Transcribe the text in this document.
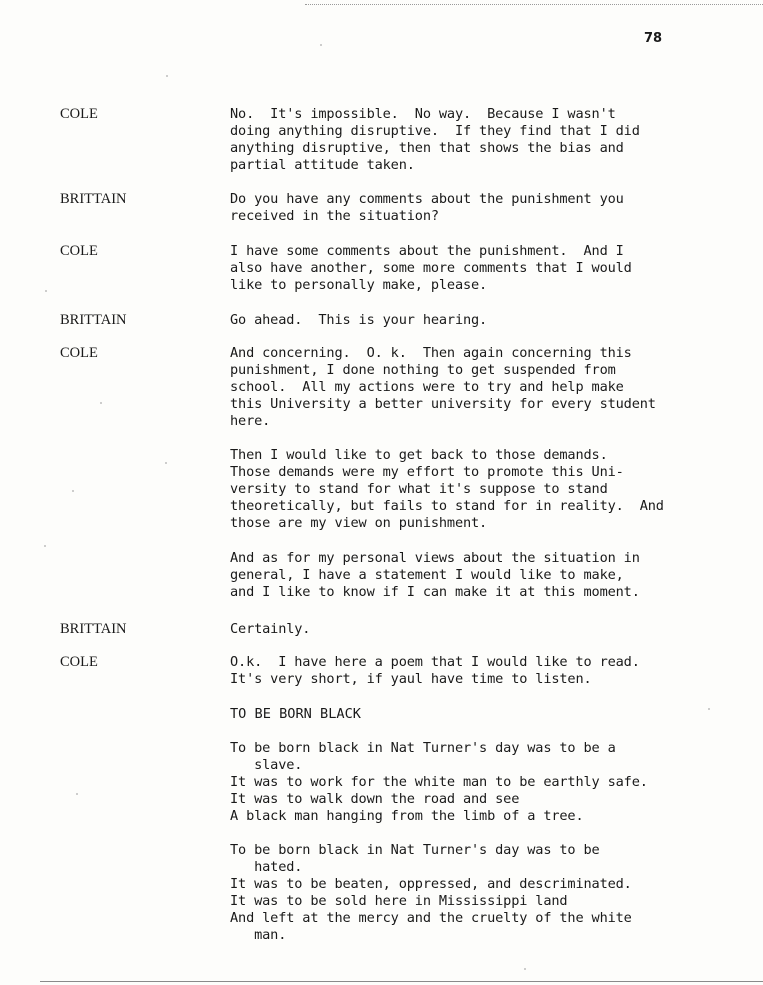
78
COLE	No.  It's impossible.  No way.  Because I wasn't
doing anything disruptive.  If they find that I did
anything disruptive, then that shows the bias and
partial attitude taken.
BRITTAIN	Do you have any comments about the punishment you
received in the situation?
COLE	I have some comments about the punishment.  And I
also have another, some more comments that I would
like to personally make, please.
BRITTAIN	Go ahead.  This is your hearing.
COLE	And concerning.  O. k.  Then again concerning this
punishment, I done nothing to get suspended from
school.  All my actions were to try and help make
this University a better university for every student
here.
Then I would like to get back to those demands.
Those demands were my effort to promote this Uni-
versity to stand for what it's suppose to stand
theoretically, but fails to stand for in reality.  And
those are my view on punishment.
And as for my personal views about the situation in
general, I have a statement I would like to make,
and I like to know if I can make it at this moment.
BRITTAIN	Certainly.
COLE	O.k.  I have here a poem that I would like to read.
It's very short, if yaul have time to listen.
TO BE BORN BLACK
To be born black in Nat Turner's day was to be a
slave.
It was to work for the white man to be earthly safe.
It was to walk down the road and see
A black man hanging from the limb of a tree.
To be born black in Nat Turner's day was to be
hated.
It was to be beaten, oppressed, and descriminated.
It was to be sold here in Mississippi land
And left at the mercy and the cruelty of the white
man.
